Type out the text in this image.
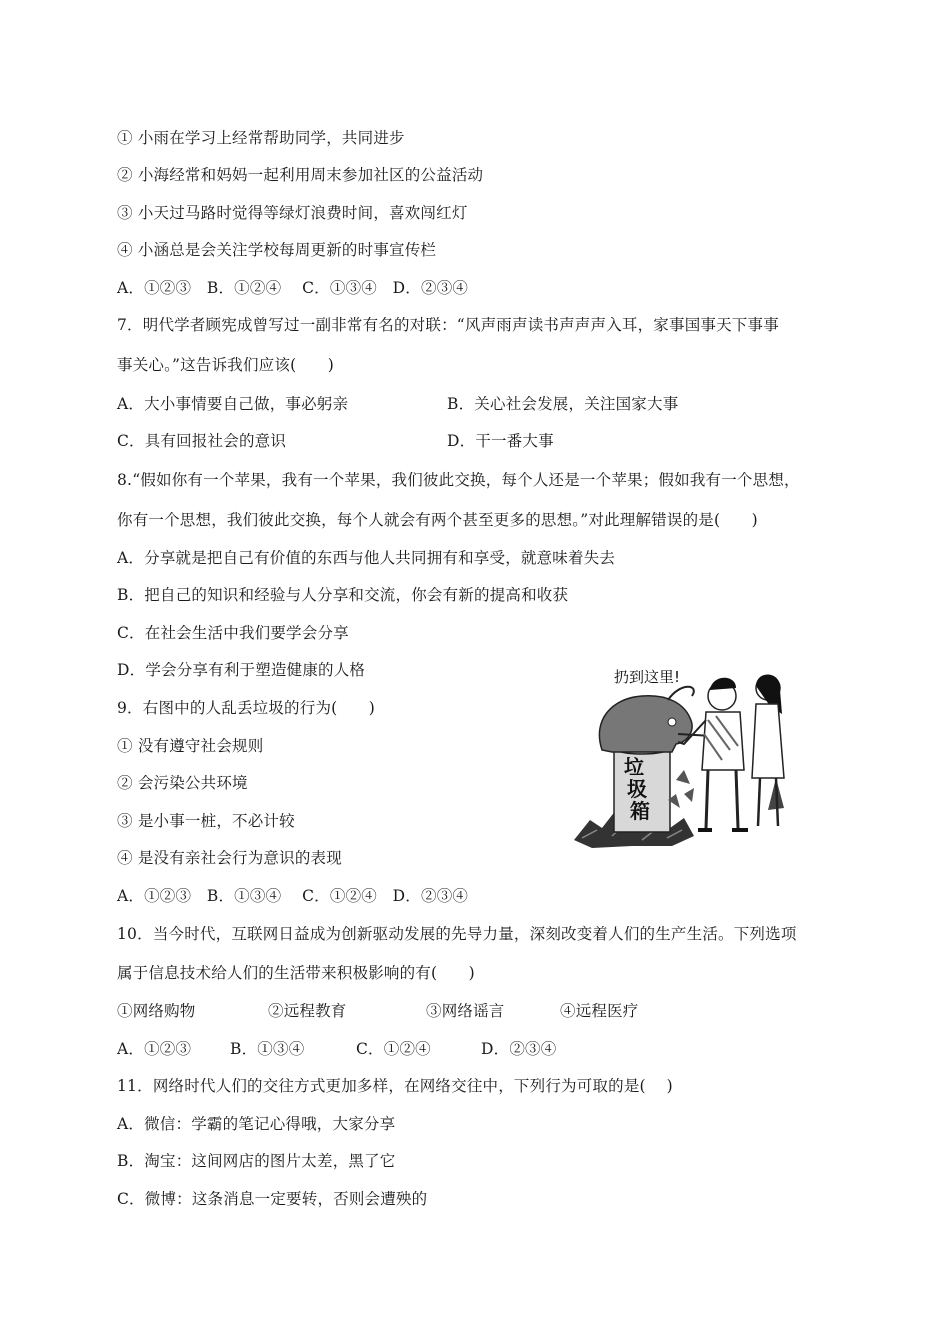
① 小雨在学习上经常帮助同学，共同进步
② 小海经常和妈妈一起利用周末参加社区的公益活动
③ 小天过马路时觉得等绿灯浪费时间，喜欢闯红灯
④ 小涵总是会关注学校每周更新的时事宣传栏
A．①②③　B．①②④　 C．①③④　D．②③④
7．明代学者顾宪成曾写过一副非常有名的对联：“风声雨声读书声声声入耳，家事国事天下事事
事关心。”这告诉我们应该(　　)
A．大小事情要自己做，事必躬亲	B．关心社会发展，关注国家大事
C．具有回报社会的意识	D．干一番大事
8.“假如你有一个苹果，我有一个苹果，我们彼此交换，每个人还是一个苹果；假如我有一个思想，
你有一个思想，我们彼此交换，每个人就会有两个甚至更多的思想。”对此理解错误的是(　　)
A．分享就是把自己有价值的东西与他人共同拥有和享受，就意味着失去
B．把自己的知识和经验与人分享和交流，你会有新的提高和收获
C．在社会生活中我们要学会分享
D．学会分享有利于塑造健康的人格
9．右图中的人乱丢垃圾的行为(　　)
① 没有遵守社会规则
② 会污染公共环境
③ 是小事一桩，不必计较
④ 是没有亲社会行为意识的表现
A．①②③　B．①③④　 C．①②④　D．②③④
扔到这里!
垃
圾
箱
10．当今时代，互联网日益成为创新驱动发展的先导力量，深刻改变着人们的生产生活。下列选项
属于信息技术给人们的生活带来积极影响的有(　　)
①网络购物	②远程教育	③网络谣言	④远程医疗
A．①②③	B．①③④	C．①②④	D．②③④
11．网络时代人们的交往方式更加多样，在网络交往中，下列行为可取的是(　 )
A．微信：学霸的笔记心得哦，大家分享
B．淘宝：这间网店的图片太差，黑了它
C．微博：这条消息一定要转，否则会遭殃的
